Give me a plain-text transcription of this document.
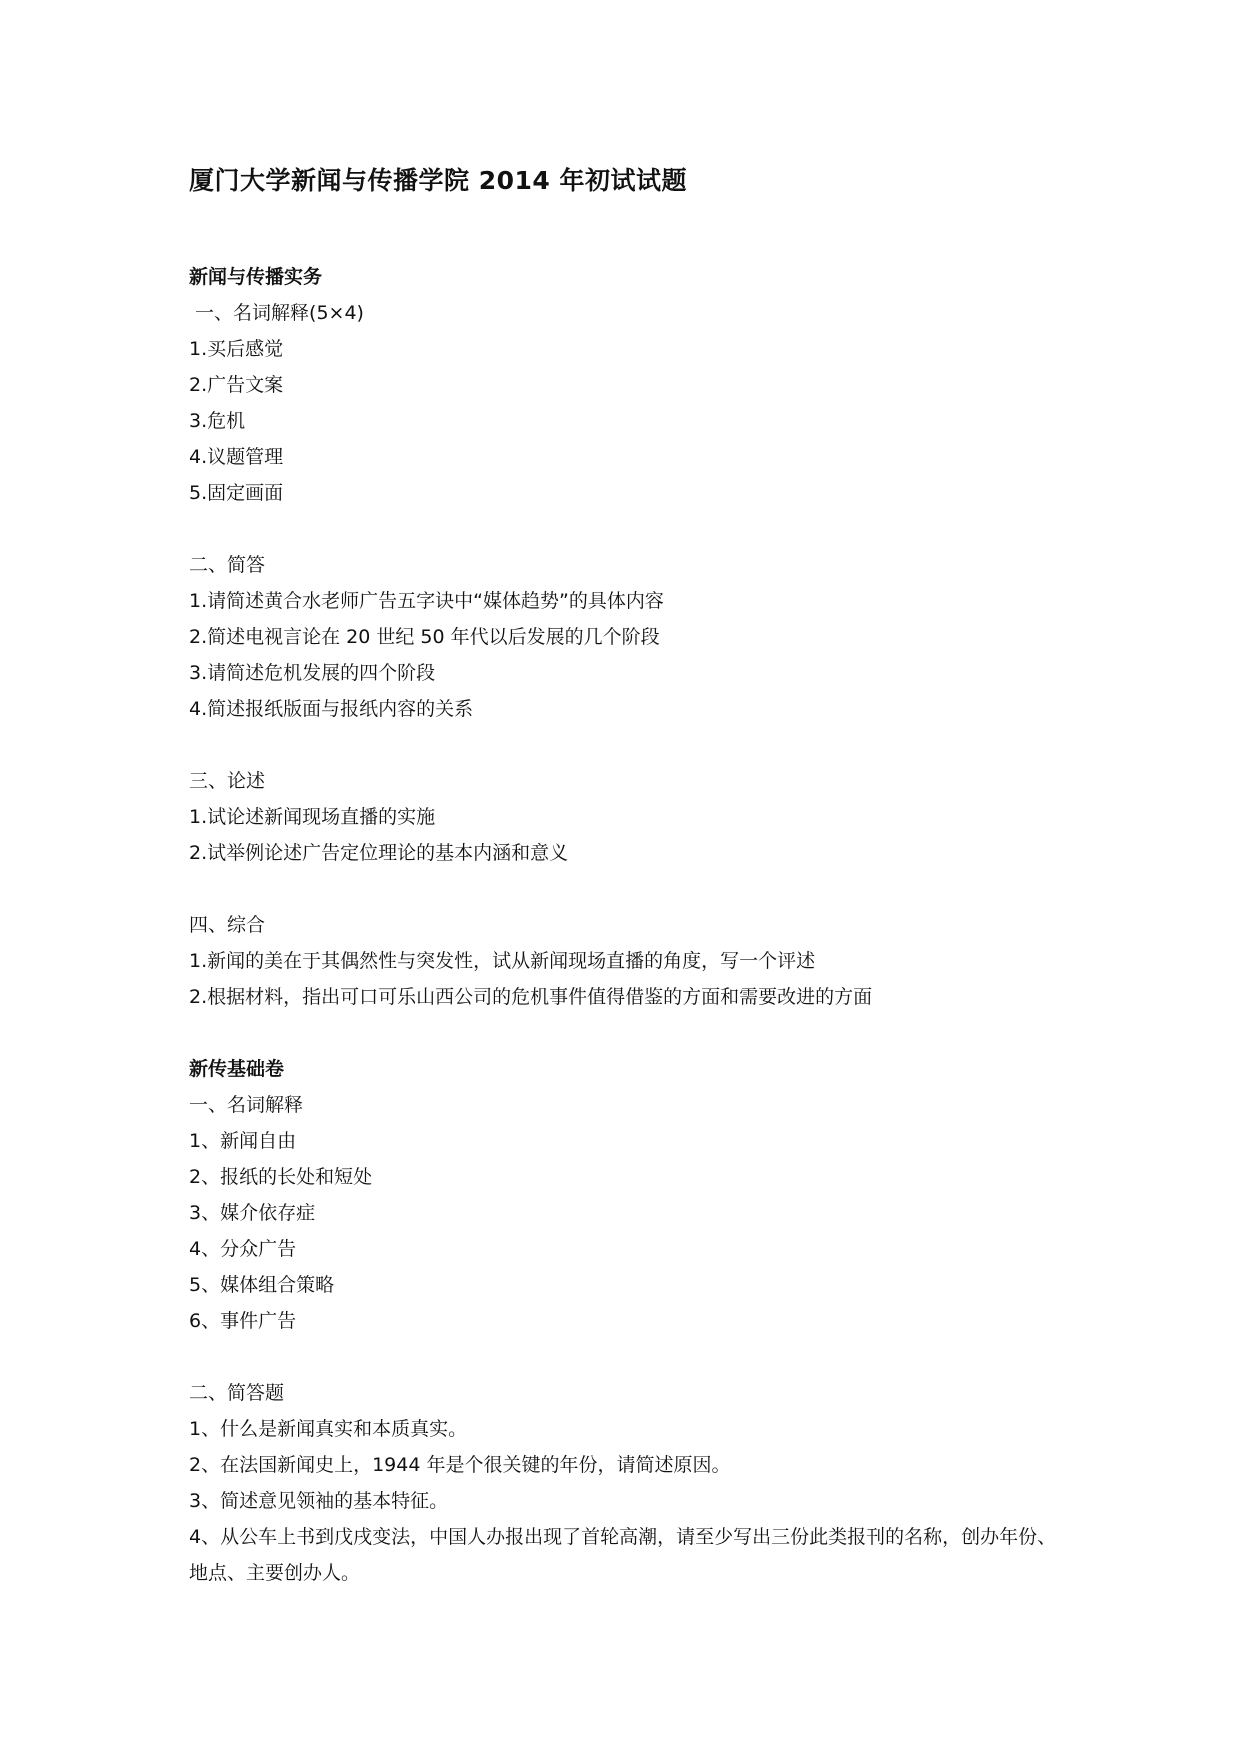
厦门大学新闻与传播学院 2014 年初试试题
新闻与传播实务

一、名词解释(5×4)

1.买后感觉

2.广告文案

3.危机

4.议题管理

5.固定画面

二、简答

1.请简述黄合水老师广告五字诀中“媒体趋势”的具体内容

2.简述电视言论在 20 世纪 50 年代以后发展的几个阶段

3.请简述危机发展的四个阶段

4.简述报纸版面与报纸内容的关系

三、论述

1.试论述新闻现场直播的实施

2.试举例论述广告定位理论的基本内涵和意义

四、综合

1.新闻的美在于其偶然性与突发性，试从新闻现场直播的角度，写一个评述

2.根据材料，指出可口可乐山西公司的危机事件值得借鉴的方面和需要改进的方面

新传基础卷

一、名词解释

1、新闻自由

2、报纸的长处和短处

3、媒介依存症

4、分众广告

5、媒体组合策略

6、事件广告

二、简答题

1、什么是新闻真实和本质真实。

2、在法国新闻史上，1944 年是个很关键的年份，请简述原因。

3、简述意见领袖的基本特征。

4、从公车上书到戊戌变法，中国人办报出现了首轮高潮，请至少写出三份此类报刊的名称，创办年份、地点、主要创办人。
